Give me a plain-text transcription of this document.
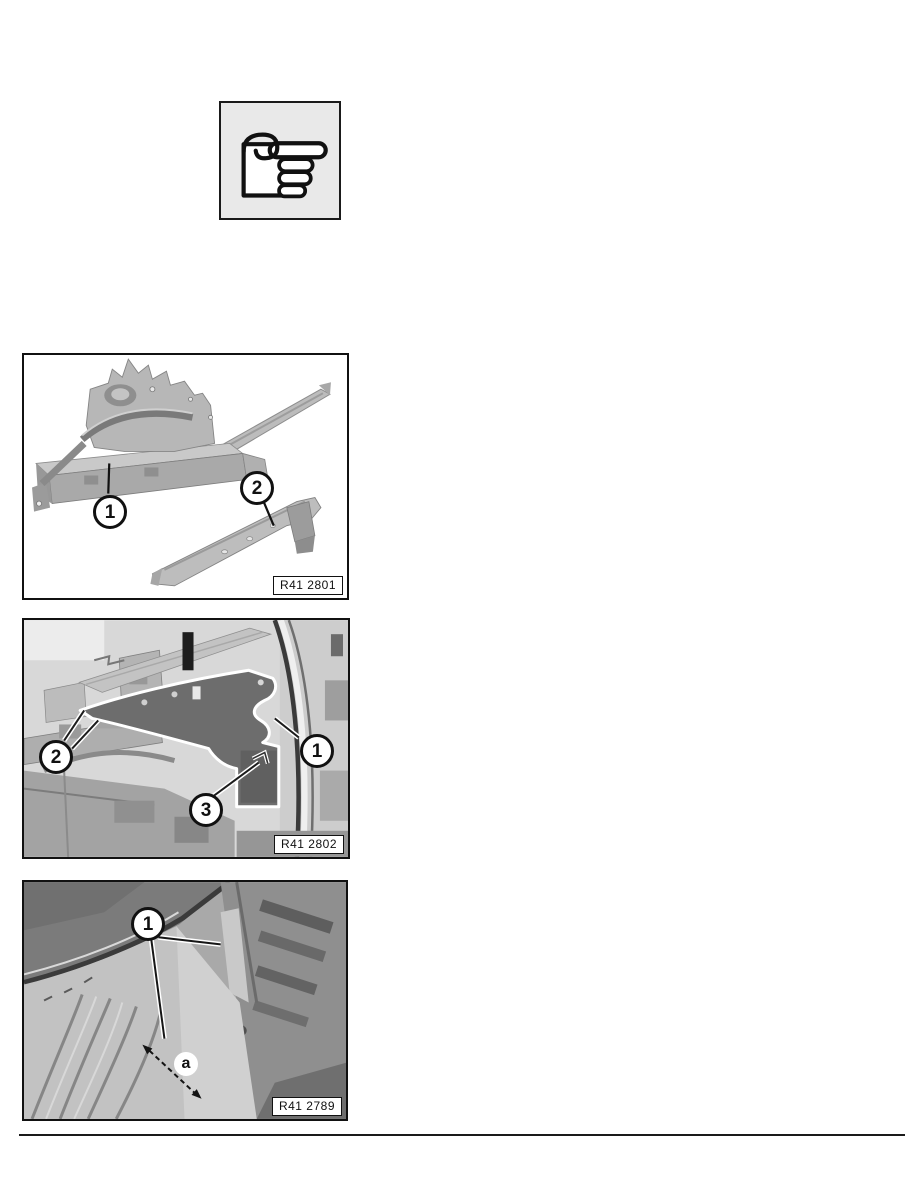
1
2
R41 2801
2	1
3
R41 2802
1
a
R41 2789
